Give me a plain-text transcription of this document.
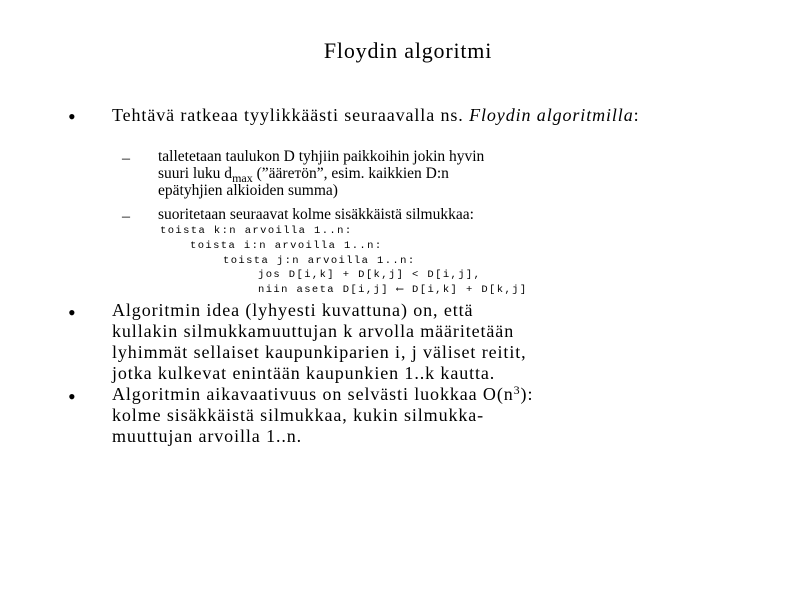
Floydin algoritmi
• Tehtävä ratkeaa tyylikkäästi seuraavalla ns. Floydin algoritmilla:
– talletetaan taulukon D tyhjiin paikkoihin jokin hyvin
suuri luku $d_{max}$ (”äärетön”, esim. kaikkien D:n
epätyhjien alkioiden summa)
– suoritetaan seuraavat kolme sisäkkäistä silmukkaa:
toista k:n arvoilla 1..n:
toista i:n arvoilla 1..n:
toista j:n arvoilla 1..n:
jos D[i,k] + D[k,j] < D[i,j],
niin aseta D[i,j] ⟵ D[i,k] + D[k,j]
• Algoritmin idea (lyhyesti kuvattuna) on, että
kullakin silmukkamuuttujan k arvolla määritetään
lyhimmät sellaiset kaupunkiparien i, j väliset reitit,
jotka kulkevat enintään kaupunkien 1..k kautta.
• Algoritmin aikavaativuus on selvästi luokkaa $O(n^3)$:
kolme sisäkkäistä silmukkaa, kukin silmukka-
muuttujan arvoilla 1..n.
